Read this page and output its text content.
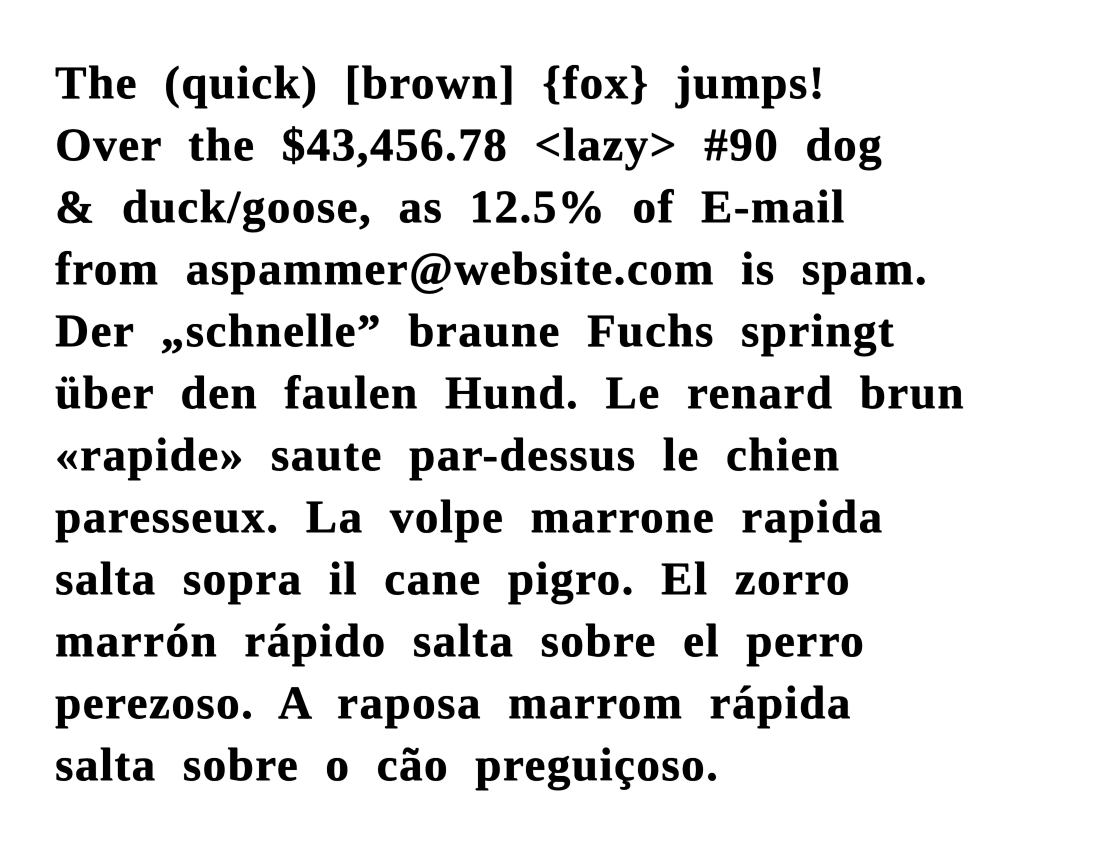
The (quick) [brown] {fox} jumps!
Over the $43,456.78 <lazy> #90 dog
& duck/goose, as 12.5% of E-mail
from aspammer@website.com is spam.
Der „schnelle” braune Fuchs springt
über den faulen Hund. Le renard brun
«rapide» saute par-dessus le chien
paresseux. La volpe marrone rapida
salta sopra il cane pigro. El zorro
marrón rápido salta sobre el perro
perezoso. A raposa marrom rápida
salta sobre o cão preguiçoso.
